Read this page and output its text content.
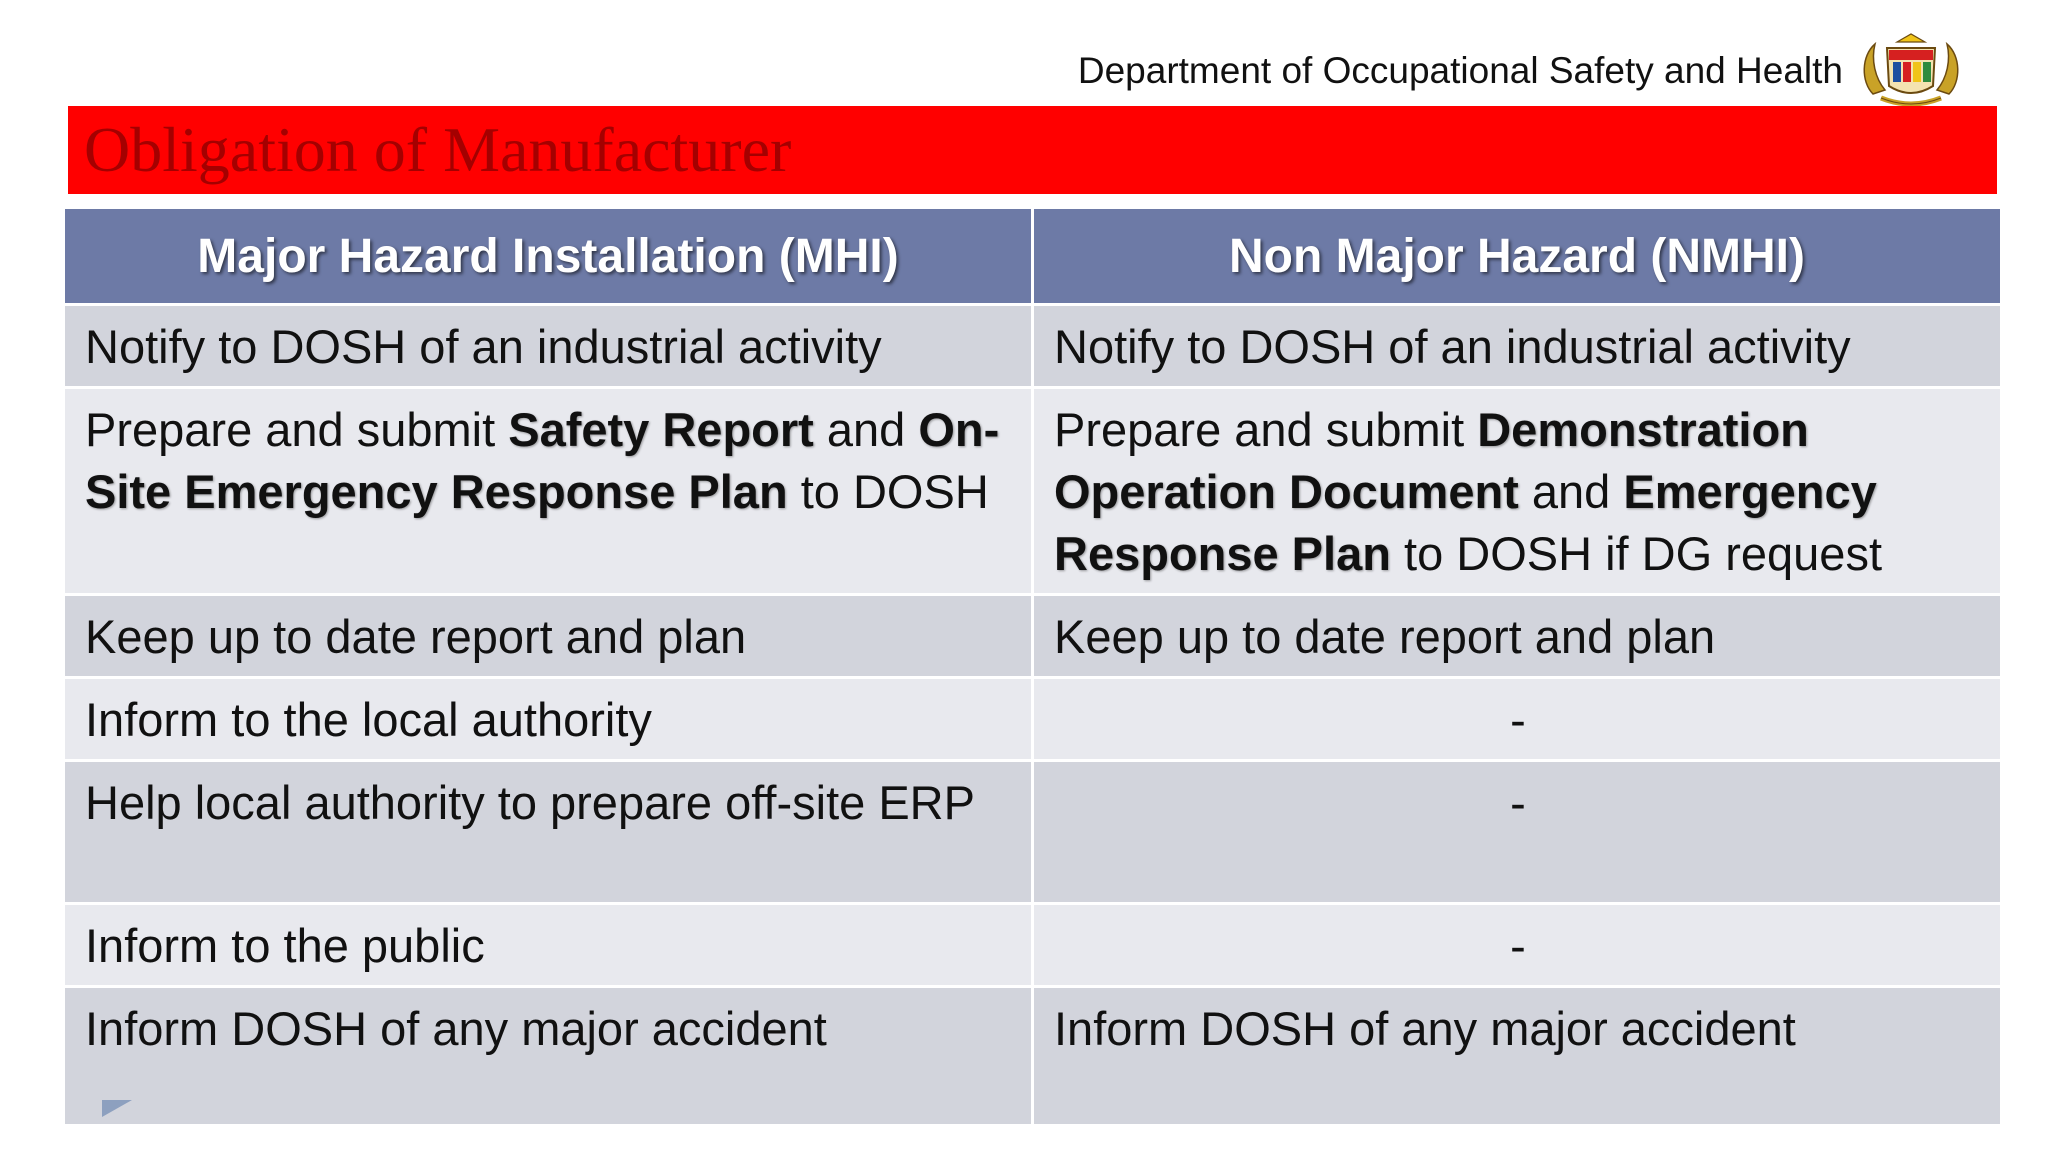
Department of Occupational Safety and Health
Obligation of Manufacturer
Major Hazard Installation (MHI)	Non Major Hazard (NMHI)
Notify to DOSH of an industrial activity	Notify to DOSH of an industrial activity
Prepare and submit Safety Report and On-Site Emergency Response Plan to DOSH	Prepare and submit Demonstration Operation Document and Emergency Response Plan to DOSH if DG request
Keep up to date report and plan	Keep up to date report and plan
Inform to the local authority	-
Help local authority to prepare off-site ERP	-
Inform to the public	-
Inform DOSH of any major accident	Inform DOSH of any major accident
